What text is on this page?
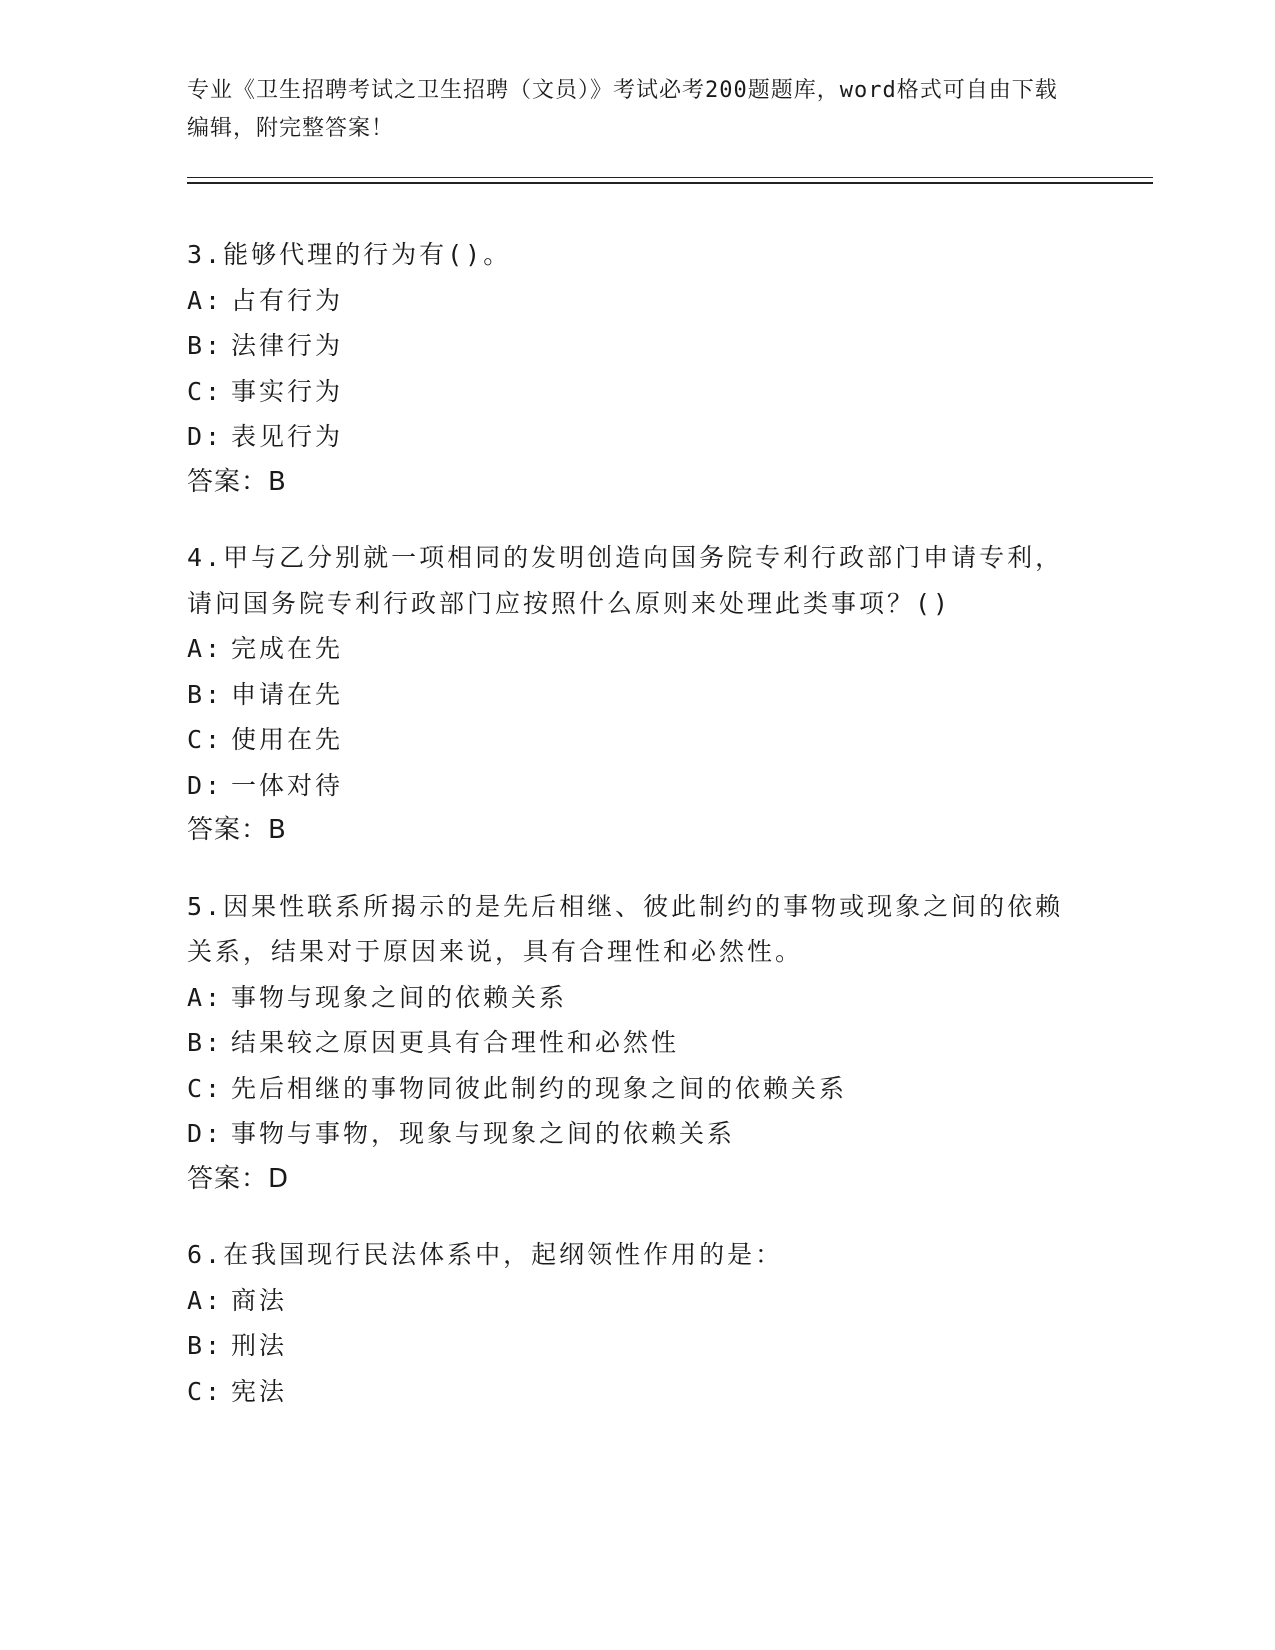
专业《卫生招聘考试之卫生招聘（文员）》考试必考200题题库，word格式可自由下载编辑，附完整答案！
3.能够代理的行为有()。
A: 占有行为
B: 法律行为
C: 事实行为
D: 表见行为
答案：B
4.甲与乙分别就一项相同的发明创造向国务院专利行政部门申请专利，请问国务院专利行政部门应按照什么原则来处理此类事项？()
A: 完成在先
B: 申请在先
C: 使用在先
D: 一体对待
答案：B
5.因果性联系所揭示的是先后相继、彼此制约的事物或现象之间的依赖关系，结果对于原因来说，具有合理性和必然性。
A: 事物与现象之间的依赖关系
B: 结果较之原因更具有合理性和必然性
C: 先后相继的事物同彼此制约的现象之间的依赖关系
D: 事物与事物，现象与现象之间的依赖关系
答案：D
6.在我国现行民法体系中，起纲领性作用的是：
A: 商法
B: 刑法
C: 宪法
